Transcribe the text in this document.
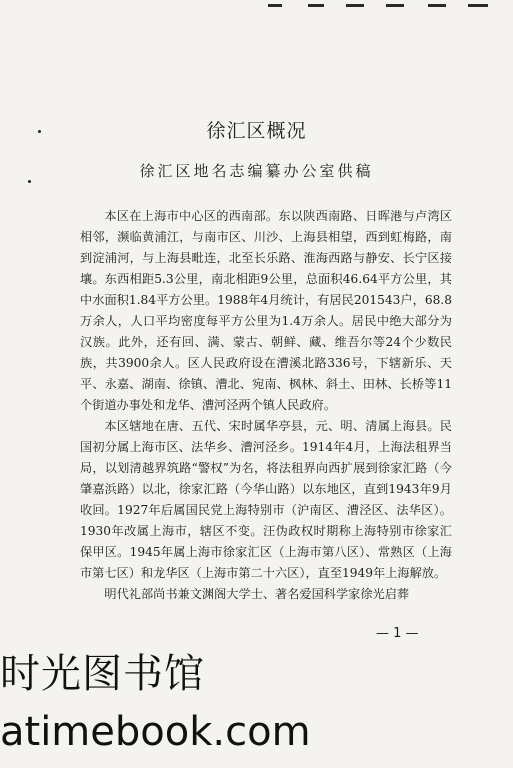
徐汇区概况
徐汇区地名志编纂办公室供稿

本区在上海市中心区的西南部。东以陕西南路、日晖港与卢湾区相邻，濒临黄浦江，与南市区、川沙、上海县相望，西到虹梅路，南到淀浦河，与上海县毗连，北至长乐路、淮海西路与静安、长宁区接壤。东西相距5.3公里，南北相距9公里，总面积46.64平方公里，其中水面积1.84平方公里。1988年4月统计，有居民201543户，68.8万余人，人口平均密度每平方公里为1.4万余人。居民中绝大部分为汉族。此外，还有回、满、蒙古、朝鲜、藏、维吾尔等24个少数民族，共3900余人。区人民政府设在漕溪北路336号，下辖新乐、天平、永嘉、湖南、徐镇、漕北、宛南、枫林、斜土、田林、长桥等11个街道办事处和龙华、漕河泾两个镇人民政府。

本区辖地在唐、五代、宋时属华亭县，元、明、清属上海县。民国初分属上海市区、法华乡、漕河泾乡。1914年4月，上海法租界当局，以划清越界筑路“警权”为名，将法租界向西扩展到徐家汇路（今肇嘉浜路）以北，徐家汇路（今华山路）以东地区，直到1943年9月收回。1927年后属国民党上海特别市（沪南区、漕泾区、法华区）。1930年改属上海市，辖区不变。汪伪政权时期称上海特别市徐家汇保甲区。1945年属上海市徐家汇区（上海市第八区）、常熟区（上海市第七区）和龙华区（上海市第二十六区），直至1949年上海解放。

明代礼部尚书兼文渊阁大学士、著名爱国科学家徐光启葬

— 1 —
时光图书馆
atimebook.com
